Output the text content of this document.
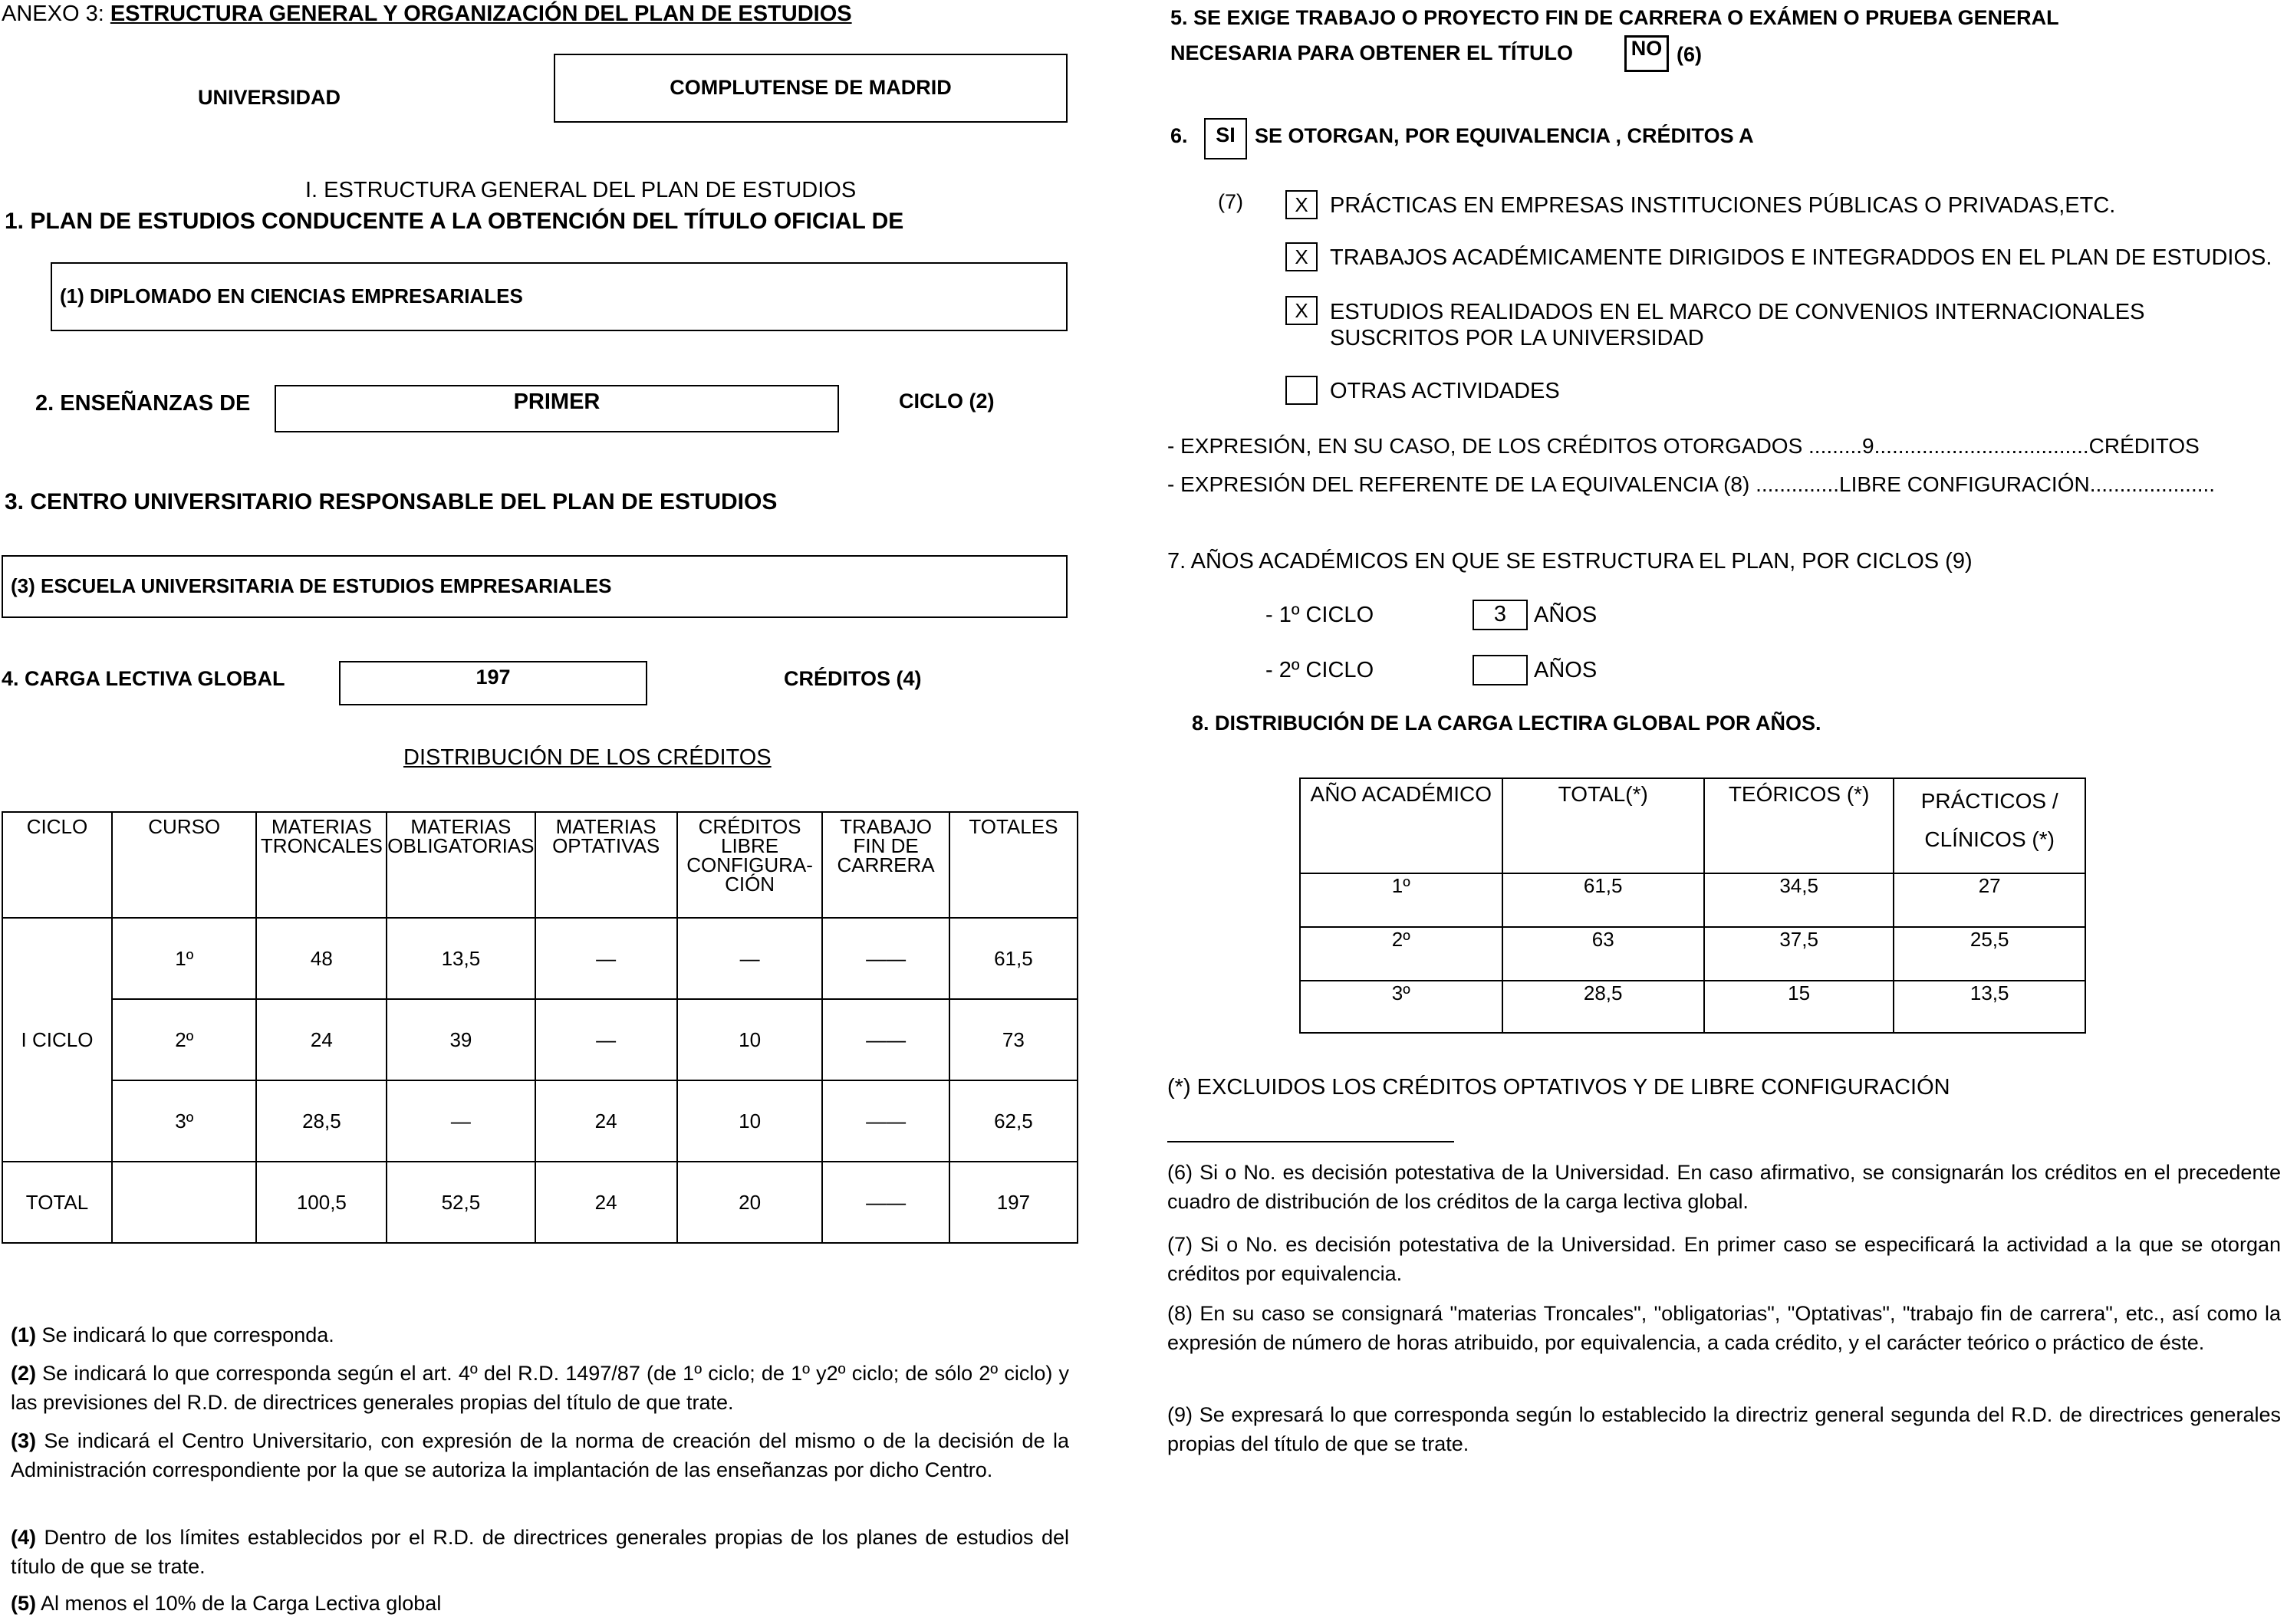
ANEXO 3: ESTRUCTURA GENERAL Y ORGANIZACIÓN DEL PLAN DE ESTUDIOS
UNIVERSIDAD	COMPLUTENSE DE MADRID
I. ESTRUCTURA GENERAL DEL PLAN DE ESTUDIOS
1. PLAN DE ESTUDIOS CONDUCENTE A LA OBTENCIÓN DEL TÍTULO OFICIAL DE
(1) DIPLOMADO EN CIENCIAS EMPRESARIALES
2. ENSEÑANZAS DE	PRIMER	CICLO (2)
3. CENTRO UNIVERSITARIO RESPONSABLE DEL PLAN DE ESTUDIOS
(3) ESCUELA UNIVERSITARIA DE ESTUDIOS EMPRESARIALES
4. CARGA LECTIVA GLOBAL	197	CRÉDITOS (4)
DISTRIBUCIÓN DE LOS CRÉDITOS
CICLO	CURSO	MATERIAS TRONCALES	MATERIAS OBLIGATORIAS	MATERIAS OPTATIVAS	CRÉDITOS LIBRE CONFIGURA-CIÓN	TRABAJO FIN DE CARRERA	TOTALES
I CICLO	1º	48	13,5	—	—	——	61,5
	2º	24	39	—	10	——	73
	3º	28,5	—	24	10	——	62,5
TOTAL		100,5	52,5	24	20	——	197
(1) Se indicará lo que corresponda.
(2) Se indicará lo que corresponda según el art. 4º del R.D. 1497/87 (de 1º ciclo; de 1º y2º ciclo; de sólo 2º ciclo) y las previsiones del R.D. de directrices generales propias del título de que trate.
(3) Se indicará el Centro Universitario, con expresión de la norma de creación del mismo o de la decisión de la Administración correspondiente por la que se autoriza la implantación de las enseñanzas por dicho Centro.
(4) Dentro de los límites establecidos por el R.D. de directrices generales propias de los planes de estudios del título de que se trate.
(5) Al menos el 10% de la Carga Lectiva global
5. SE EXIGE TRABAJO O PROYECTO FIN DE CARRERA O EXÁMEN O PRUEBA GENERAL
NECESARIA PARA OBTENER EL TÍTULO	NO (6)
6.	SI SE OTORGAN, POR EQUIVALENCIA , CRÉDITOS A
(7)	X PRÁCTICAS EN EMPRESAS INSTITUCIONES PÚBLICAS O PRIVADAS,ETC.
X TRABAJOS ACADÉMICAMENTE DIRIGIDOS E INTEGRADDOS EN EL PLAN DE ESTUDIOS.
X ESTUDIOS REALIDADOS EN EL MARCO DE CONVENIOS INTERNACIONALES SUSCRITOS POR LA UNIVERSIDAD
OTRAS ACTIVIDADES
- EXPRESIÓN, EN SU CASO, DE LOS CRÉDITOS OTORGADOS .........9....................................CRÉDITOS
- EXPRESIÓN DEL REFERENTE DE LA EQUIVALENCIA (8) ..............LIBRE CONFIGURACIÓN.....................
7. AÑOS ACADÉMICOS EN QUE SE ESTRUCTURA EL PLAN, POR CICLOS (9)
- 1º CICLO	3	AÑOS
- 2º CICLO	AÑOS
8. DISTRIBUCIÓN DE LA CARGA LECTIRA GLOBAL POR AÑOS.
AÑO ACADÉMICO	TOTAL(*)	TEÓRICOS (*)	PRÁCTICOS /
CLÍNICOS (*)

1º	61,5	34,5	27
2º	63	37,5	25,5
3º	28,5	15	13,5
(*) EXCLUIDOS LOS CRÉDITOS OPTATIVOS Y DE LIBRE CONFIGURACIÓN
(6) Si o No. es decisión potestativa de la Universidad. En caso afirmativo, se consignarán los créditos en el precedente cuadro de distribución de los créditos de la carga lectiva global.
(7) Si o No. es decisión potestativa de la Universidad. En primer caso se especificará la actividad a la que se otorgan créditos por equivalencia.
(8) En su caso se consignará "materias Troncales", "obligatorias", "Optativas", "trabajo fin de carrera", etc., así como la expresión de número de horas atribuido, por equivalencia, a cada crédito, y el carácter teórico o práctico de éste.
(9) Se expresará lo que corresponda según lo establecido la directriz general segunda del R.D. de directrices generales propias del título de que se trate.
